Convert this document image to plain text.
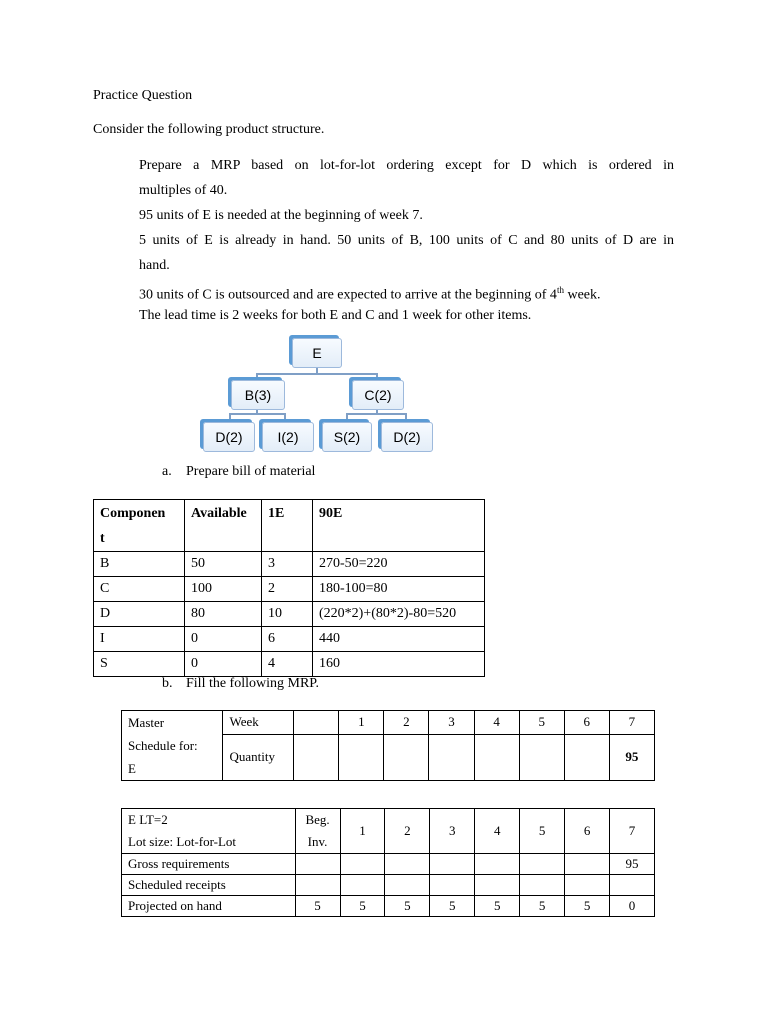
Practice Question
Consider the following product structure.
Prepare a MRP based on lot-for-lot ordering except for D which is ordered in
multiples of 40.
95 units of E is needed at the beginning of week 7.
5 units of E is already in hand. 50 units of B, 100 units of C and 80 units of D are in
hand.
30 units of C is outsourced and are expected to arrive at the beginning of 4th week.
The lead time is 2 weeks for both E and C and 1 week for other items.
E
B(3)	C(2)
D(2)	I(2)	S(2)	D(2)
a. Prepare bill of material
Componen
t	Available	1E	90E
B	50	3	270-50=220
C	100	2	180-100=80
D	80	10	(220*2)+(80*2)-80=520
I	0	6	440
S	0	4	160
b. Fill the following MRP.
Master
Schedule for:
E	Week		1	2	3	4	5	6	7
	Quantity								95
E LT=2
Lot size: Lot-for-Lot	Beg.
Inv.	1	2	3	4	5	6	7
Gross requirements								95
Scheduled receipts								
Projected on hand	5	5	5	5	5	5	5	0
